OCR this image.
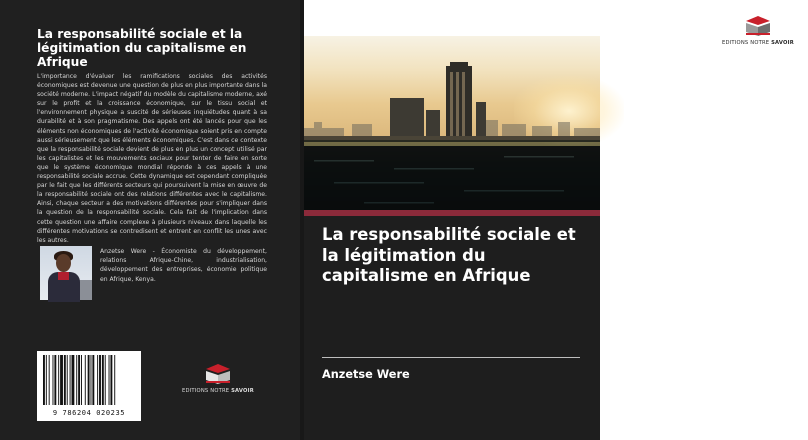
La responsabilité sociale et la légitimation du capitalisme en Afrique
L'importance d'évaluer les ramifications sociales des activités économiques est devenue une question de plus en plus importante dans la société moderne. L'impact négatif du modèle du capitalisme moderne, axé sur le profit et la croissance économique, sur le tissu social et l'environnement physique a suscité de sérieuses inquiétudes quant à sa durabilité et à son pragmatisme. Des appels ont été lancés pour que les éléments non économiques de l'activité économique soient pris en compte aussi sérieusement que les éléments économiques. C'est dans ce contexte que la responsabilité sociale devient de plus en plus un concept utilisé par les capitalistes et les mouvements sociaux pour tenter de faire en sorte que le système économique mondial réponde à ces appels à une responsabilité sociale accrue. Cette dynamique est cependant compliquée par le fait que les différents secteurs qui poursuivent la mise en œuvre de la responsabilité sociale ont des relations différentes avec le capitalisme. Ainsi, chaque secteur a des motivations différentes pour s'impliquer dans la question de la responsabilité sociale. Cela fait de l'implication dans cette question une affaire complexe à plusieurs niveaux dans laquelle les différentes motivations se contredisent et entrent en conflit les unes avec les autres.
Anzetse Were - Économiste du développement, relations Afrique-Chine, industrialisation, développement des entreprises, économie politique en Afrique, Kenya.
9 786204 020235
EDITIONS NOTRE SAVOIR
EDITIONS NOTRE SAVOIR
La responsabilité sociale et la légitimation du capitalisme en Afrique
Anzetse Were
